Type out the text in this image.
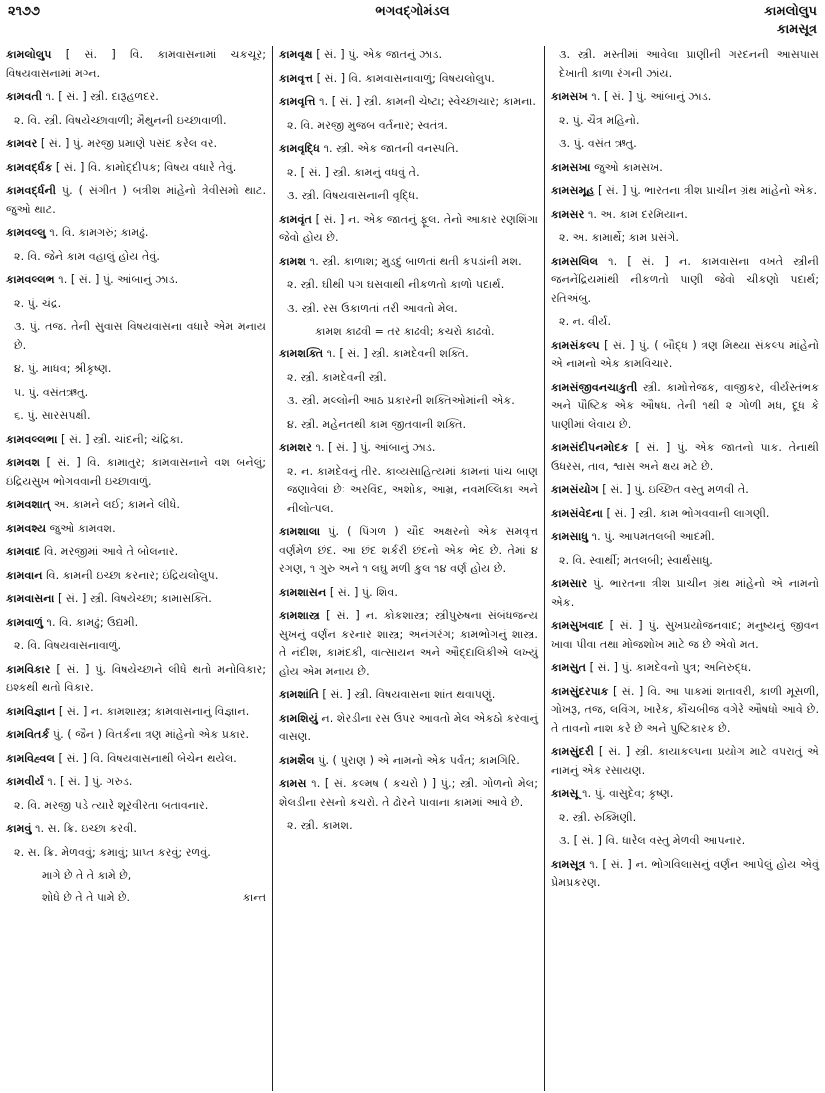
૨૧૭૭	ભગવદ્ગોમંડલ	કામલોલુપ
કામસૂત્ર
કામલોલુપ [ સં. ] વિ. કામવાસનામાં ચકચૂર; વિષયવાસનામાં મગ્ન.
કામવતી ૧. [ સં. ] સ્ત્રી. દારૂહળદર.
૨. વિ. સ્ત્રી. વિષયેચ્છાવાળી; મૈથુનની ઇચ્છાવાળી.
કામવર [ સં. ] પું. મરજી પ્રમાણે પસંદ કરેલ વર.
કામવર્દ્ધક [ સં. ] વિ. કામોદ્દીપક; વિષય વધારે તેવું.
કામવર્દ્ધની પું. ( સંગીત ) બત્રીશ માંહેનો ત્રેવીસમો થાટ. જુઓ થાટ.
કામવલ્લુ ૧. વિ. કામગરું; કામઢું.
૨. વિ. જેને કામ વહાલું હોય તેવું.
કામવલ્લભ ૧. [ સં. ] પું. આંબાનું ઝાડ.
૨. પું. ચંદ્ર.
૩. પું. તજ. તેની સુવાસ વિષયવાસના વધારે એમ મનાય છે.
૪. પું. માધવ; શ્રીકૃષ્ણ.
૫. પું. વસંતઋતુ.
૬. પું. સારસપક્ષી.
કામવલ્લભા [ સં. ] સ્ત્રી. ચાંદની; ચંદ્રિકા.
કામવશ [ સં. ] વિ. કામાતુર; કામવાસનાને વશ બનેલું; ઇંદ્રિયસુખ ભોગવવાની ઇચ્છાવાળું.
કામવશાત્ અ. કામને લઈ; કામને લીધે.
કામવશ્ય જુઓ કામવશ.
કામવાદ વિ. મરજીમાં આવે તે બોલનાર.
કામવાન વિ. કામની ઇચ્છા કરનાર; ઇંદ્રિયલોલુપ.
કામવાસના [ સં. ] સ્ત્રી. વિષયેચ્છા; કામાસક્તિ.
કામવાળું ૧. વિ. કામઢું; ઉદ્યમી.
૨. વિ. વિષયવાસનાવાળું.
કામવિકાર [ સં. ] પું. વિષયેચ્છાને લીધે થતો મનોવિકાર; ઇશ્કથી થતો વિકાર.
કામવિજ્ઞાન [ સં. ] ન. કામશાસ્ત્ર; કામવાસનાનું વિજ્ઞાન.
કામવિતર્ક પું. ( જૈન ) વિતર્કના ત્રણ માંહેનો એક પ્રકાર.
કામવિહ્વલ [ સં. ] વિ. વિષયવાસનાથી બેચેન થયેલ.
કામવીર્ય ૧. [ સં. ] પું. ગરુડ.
૨. વિ. મરજી પડે ત્યારે શૂરવીરતા બતાવનાર.
કામવું ૧. સ. ક્રિ. ઇચ્છા કરવી.
૨. સ. ક્રિ. મેળવવું; કમાવું; પ્રાપ્ત કરવું; રળવું.
માગે છે તે તે કામે છે,
શોધે છે તે તે પામે છે.	કાન્ત
કામવૃક્ષ [ સં. ] પું. એક જાતનું ઝાડ.
કામવૃત્ત [ સં. ] વિ. કામવાસનાવાળું; વિષયલોલુપ.
કામવૃત્તિ ૧. [ સં. ] સ્ત્રી. કામની ચેષ્ટા; સ્વેચ્છાચાર; કામના.
૨. વિ. મરજી મુજબ વર્તનાર; સ્વતંત્ર.
કામવૃદ્ધિ ૧. સ્ત્રી. એક જાતની વનસ્પતિ.
૨. [ સં. ] સ્ત્રી. કામનું વધવું તે.
૩. સ્ત્રી. વિષયવાસનાની વૃદ્ધિ.
કામવૃંત [ સં. ] ન. એક જાતનું ફૂલ. તેનો આકાર રણશિંગા જેવો હોય છે.
કામશ ૧. સ્ત્રી. કાળાશ; મુડદું બાળતાં થતી કપડાંની મશ.
૨. સ્ત્રી. ઘીથી પગ ઘસવાથી નીકળતો કાળો પદાર્થ.
૩. સ્ત્રી. રસ ઉકાળતાં તરી આવતો મેલ.
કામશ કાઢવી = તર કાઢવી; કચરો કાઢવો.
કામશક્તિ ૧. [ સં. ] સ્ત્રી. કામદેવની શક્તિ.
૨. સ્ત્રી. કામદેવની સ્ત્રી.
૩. સ્ત્રી. મલ્લોની આઠ પ્રકારની શક્તિઓમાંની એક.
૪. સ્ત્રી. મહેનતથી કામ જીતવાની શક્તિ.
કામશર ૧. [ સં. ] પું. આંબાનું ઝાડ.
૨. ન. કામદેવનું તીર. કાવ્યસાહિત્યમાં કામનાં પાંચ બાણ જણાવેલાં છેઃ અરવિંદ, અશોક, આમ્ર, નવમલ્લિકા અને નીલોત્પલ.
કામશાલા પું. ( પિંગળ ) ચૌદ અક્ષરનો એક સમવૃત્ત વર્ણમેળ છંદ. આ છંદ શર્કરી છંદનો એક ભેદ છે. તેમાં ૪ રગણ, ૧ ગુરુ અને ૧ લઘુ મળી કુલ ૧૪ વર્ણ હોય છે.
કામશાસન [ સં. ] પું. શિવ.
કામશાસ્ત્ર [ સં. ] ન. કોકશાસ્ત્ર; સ્ત્રીપુરુષના સંબંધજન્ય સુખનું વર્ણન કરનાર શાસ્ત્ર; અનંગરંગ; કામભોગનું શાસ્ત્ર. તે નંદીશ, કામંદકી, વાત્સાયન અને ઔદ્દાલિકીએ લખ્યું હોય એમ મનાય છે.
કામશાંતિ [ સં. ] સ્ત્રી. વિષયવાસના શાંત થવાપણું.
કામશિયું ન. શેરડીના રસ ઉપર આવતો મેલ એકઠો કરવાનું વાસણ.
કામશૈલ પું. ( પુરાણ ) એ નામનો એક પર્વત; કામગિરિ.
કામસ ૧. [ સં. કલ્મષ ( કચરો ) ] પું.; સ્ત્રી. ગોળનો મેલ; શેલડીના રસનો કચરો. તે ઢોરને પાવાના કામમાં આવે છે.
૨. સ્ત્રી. કામશ.
૩. સ્ત્રી. મસ્તીમાં આવેલા પ્રાણીની ગરદનની આસપાસ દેખાતી કાળા રંગની ઝાંય.
કામસખ ૧. [ સં. ] પું. આંબાનું ઝાડ.
૨. પું. ચૈત્ર મહિનો.
૩. પું. વસંત ઋતુ.
કામસખા જુઓ કામસખ.
કામસમૂહ [ સં. ] પું. ભારતના ત્રીશ પ્રાચીન ગ્રંથ માંહેનો એક.
કામસર ૧. અ. કામ દરમિયાન.
૨. અ. કામાર્થે; કામ પ્રસંગે.
કામસલિલ ૧. [ સં. ] ન. કામવાસના વખતે સ્ત્રીની જનનેંદ્રિયમાંથી નીકળતો પાણી જેવો ચીકણો પદાર્થ; રતિઅંબુ.
૨. ન. વીર્ય.
કામસંકલ્પ [ સં. ] પું. ( બૌદ્ધ ) ત્રણ મિથ્યા સંકલ્પ માંહેનો એ નામનો એક કામવિચાર.
કામસંજીવનચાકુતી સ્ત્રી. કામોત્તેજક, વાજીકર, વીર્યસ્તંભક અને પૌષ્ટિક એક ઔષધ. તેની ૧થી ૨ ગોળી મધ, દૂધ કે પાણીમાં લેવાય છે.
કામસંદીપનમોદક [ સં. ] પું. એક જાતનો પાક. તેનાથી ઉધરસ, તાવ, શ્વાસ અને ક્ષય મટે છે.
કામસંયોગ [ સં. ] પું. ઇચ્છિત વસ્તુ મળવી તે.
કામસંવેદના [ સં. ] સ્ત્રી. કામ ભોગવવાની લાગણી.
કામસાધુ ૧. પું. આપમતલબી આદમી.
૨. વિ. સ્વાર્થી; મતલબી; સ્વાર્થસાધુ.
કામસાર પું. ભારતના ત્રીશ પ્રાચીન ગ્રંથ માંહેનો એ નામનો એક.
કામસુખવાદ [ સં. ] પું. સુખપ્રયોજનવાદ; મનુષ્યનું જીવન ખાવા પીવા તથા મોજશોખ માટે જ છે એવો મત.
કામસુત [ સં. ] પું. કામદેવનો પુત્ર; અનિરુદ્ધ.
કામસુંદરપાક [ સં. ] વિ. આ પાકમાં શતાવરી, કાળી મૂસળી, ગોખરૂ, તજ, લવિંગ, ખારેક, કૌંચબીજ વગેરે ઔષધો આવે છે. તે તાવનો નાશ કરે છે અને પુષ્ટિકારક છે.
કામસુંદરી [ સં. ] સ્ત્રી. કાયાકલ્પના પ્રયોગ માટે વપરાતું એ નામનું એક રસાયણ.
કામસૂ ૧. પું. વાસુદેવ; કૃષ્ણ.
૨. સ્ત્રી. રુક્મિણી.
૩. [ સં. ] વિ. ધારેલ વસ્તુ મેળવી આપનાર.
કામસૂત્ર ૧. [ સં. ] ન. ભોગવિલાસનું વર્ણન આપેલું હોય એવું પ્રેમપ્રકરણ.
